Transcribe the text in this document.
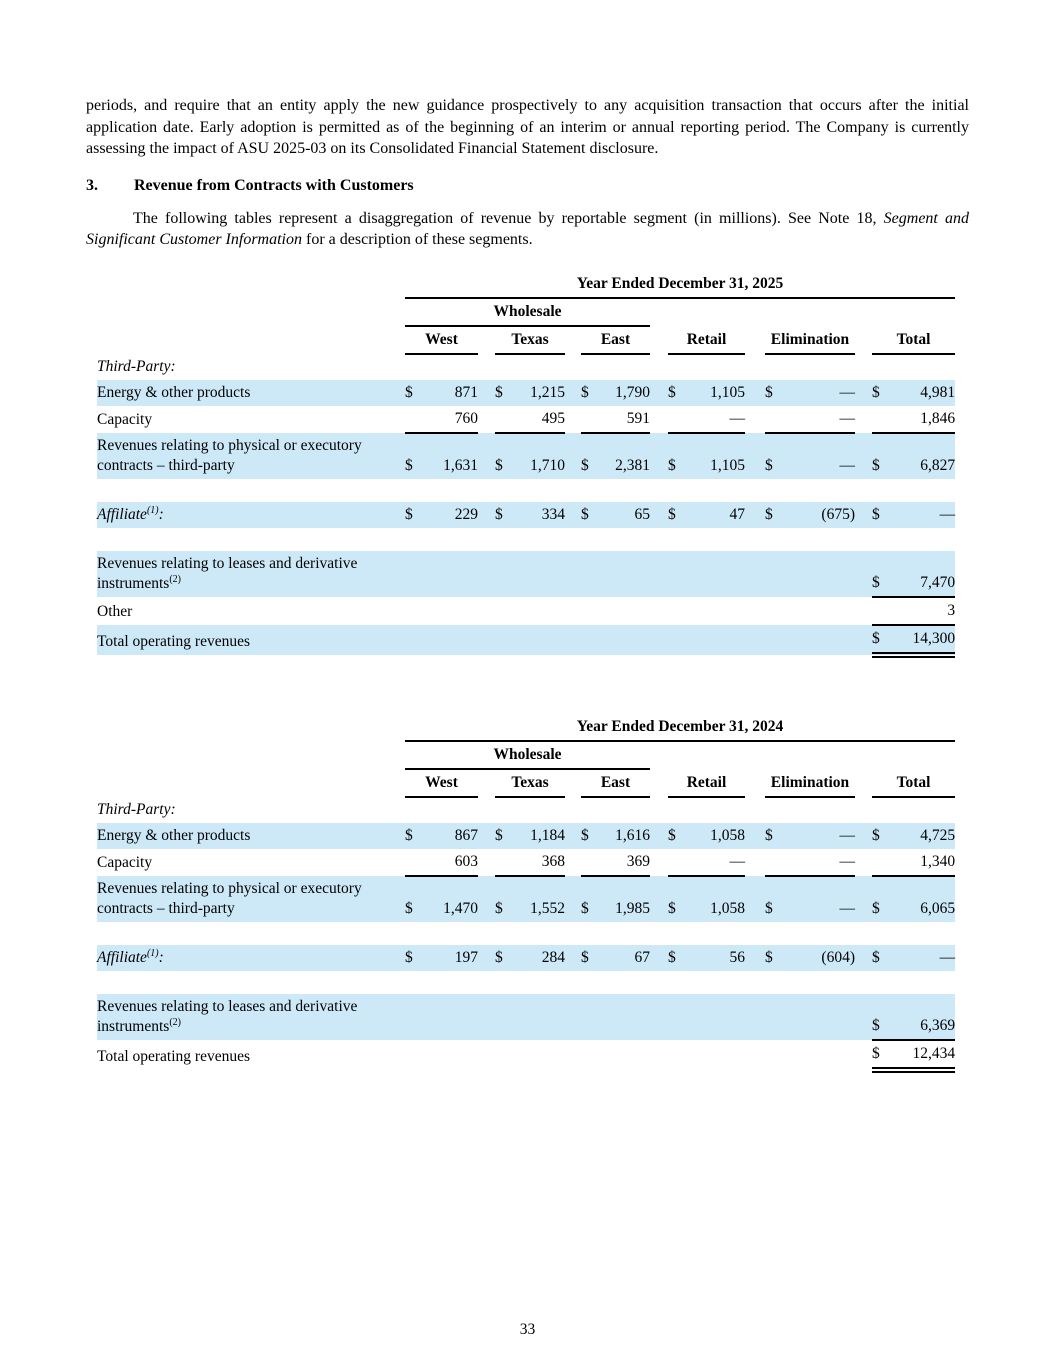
periods, and require that an entity apply the new guidance prospectively to any acquisition transaction that occurs after the initial application date. Early adoption is permitted as of the beginning of an interim or annual reporting period. The Company is currently assessing the impact of ASU 2025-03 on its Consolidated Financial Statement disclosure.

3.	Revenue from Contracts with Customers

The following tables represent a disaggregation of revenue by reportable segment (in millions). See Note 18, Segment and Significant Customer Information for a description of these segments.

	Year Ended December 31, 2025																
	Wholesale																
	West			Texas			East			Retail			Elimination			Total	
Third-Party:																	
Energy & other products	$	871		$	1,215		$	1,790		$	1,105		$	—		$	4,981
Capacity		760			495			591			—			—			1,846
Revenues relating to physical or executory contracts – third-party	$	1,631		$	1,710		$	2,381		$	1,105		$	—		$	6,827

Affiliate$^{(1)}$:	$	229		$	334		$	65		$	47		$	(675)		$	—

Revenues relating to leases and derivative instruments$^{(2)}$																$	7,470
Other																	3
Total operating revenues																$	14,300
	Year Ended December 31, 2024																
	Wholesale																
	West			Texas			East			Retail			Elimination			Total	
Third-Party:																	
Energy & other products	$	867		$	1,184		$	1,616		$	1,058		$	—		$	4,725
Capacity		603			368			369			—			—			1,340
Revenues relating to physical or executory contracts – third-party	$	1,470		$	1,552		$	1,985		$	1,058		$	—		$	6,065

Affiliate$^{(1)}$:	$	197		$	284		$	67		$	56		$	(604)		$	—

Revenues relating to leases and derivative instruments$^{(2)}$																$	6,369
Total operating revenues																$	12,434
33
